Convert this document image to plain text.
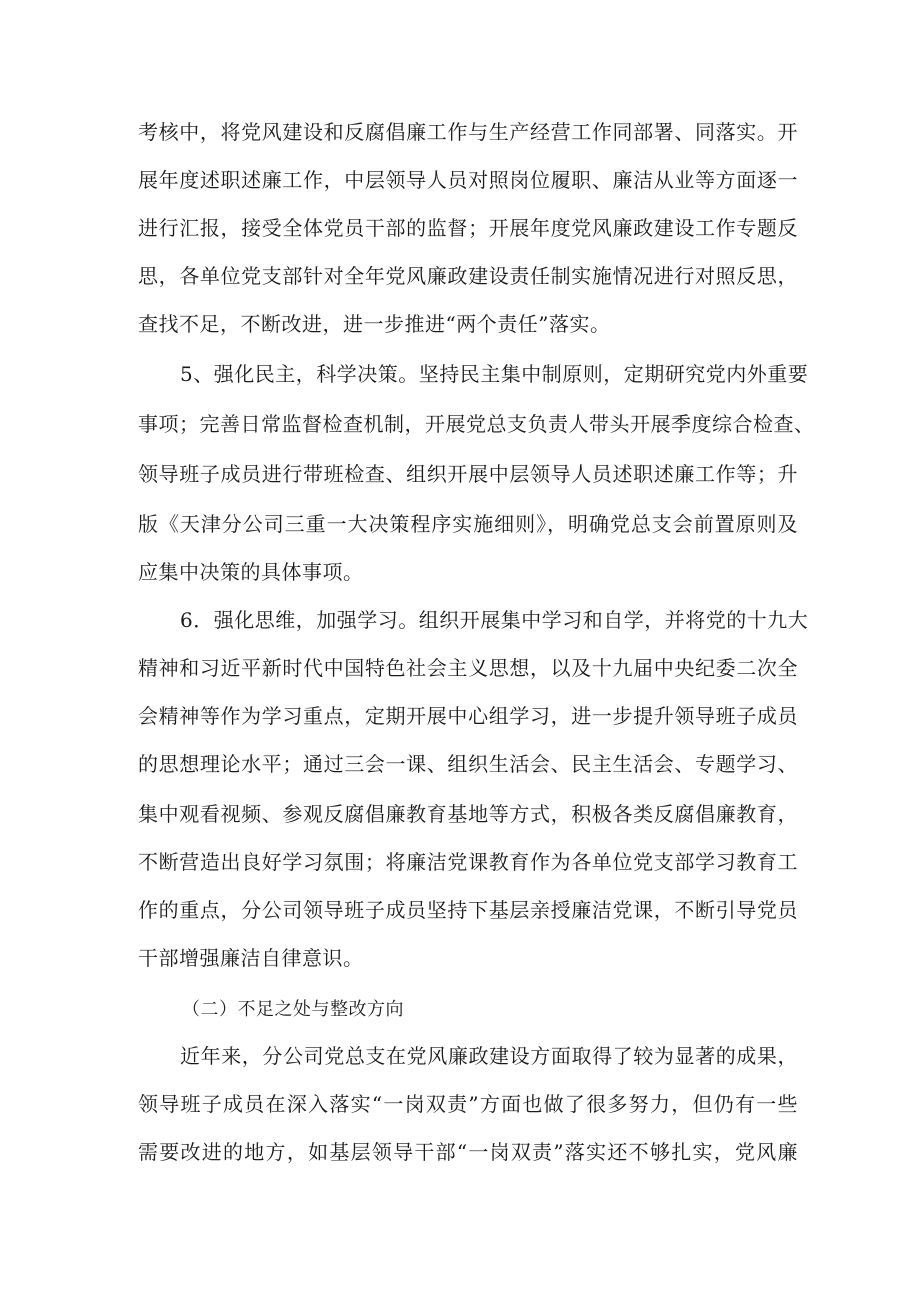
考核中，将党风建设和反腐倡廉工作与生产经营工作同部署、同落实。开
展年度述职述廉工作，中层领导人员对照岗位履职、廉洁从业等方面逐一
进行汇报，接受全体党员干部的监督；开展年度党风廉政建设工作专题反
思，各单位党支部针对全年党风廉政建设责任制实施情况进行对照反思，
查找不足，不断改进，进一步推进“两个责任”落实。
5、强化民主，科学决策。坚持民主集中制原则，定期研究党内外重要
事项；完善日常监督检查机制，开展党总支负责人带头开展季度综合检查、
领导班子成员进行带班检查、组织开展中层领导人员述职述廉工作等；升
版《天津分公司三重一大决策程序实施细则》，明确党总支会前置原则及
应集中决策的具体事项。
6．强化思维，加强学习。组织开展集中学习和自学，并将党的十九大
精神和习近平新时代中国特色社会主义思想，以及十九届中央纪委二次全
会精神等作为学习重点，定期开展中心组学习，进一步提升领导班子成员
的思想理论水平；通过三会一课、组织生活会、民主生活会、专题学习、
集中观看视频、参观反腐倡廉教育基地等方式，积极各类反腐倡廉教育，
不断营造出良好学习氛围；将廉洁党课教育作为各单位党支部学习教育工
作的重点，分公司领导班子成员坚持下基层亲授廉洁党课，不断引导党员
干部增强廉洁自律意识。
（二）不足之处与整改方向
近年来，分公司党总支在党风廉政建设方面取得了较为显著的成果，
领导班子成员在深入落实“一岗双责”方面也做了很多努力，但仍有一些
需要改进的地方，如基层领导干部“一岗双责”落实还不够扎实，党风廉
